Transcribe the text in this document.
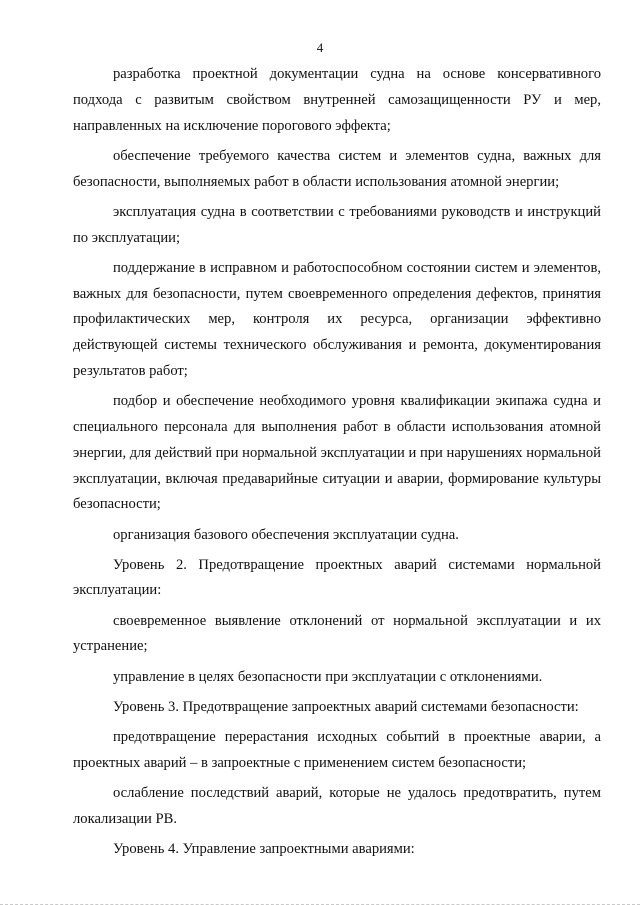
4

разработка проектной документации судна на основе консервативного подхода с развитым свойством внутренней самозащищенности РУ и мер, направленных на исключение порогового эффекта;

обеспечение требуемого качества систем и элементов судна, важных для безопасности, выполняемых работ в области использования атомной энергии;

эксплуатация судна в соответствии с требованиями руководств и инструкций по эксплуатации;

поддержание в исправном и работоспособном состоянии систем и элементов, важных для безопасности, путем своевременного определения дефектов, принятия профилактических мер, контроля их ресурса, организации эффективно действующей системы технического обслуживания и ремонта, документирования результатов работ;

подбор и обеспечение необходимого уровня квалификации экипажа судна и специального персонала для выполнения работ в области использования атомной энергии, для действий при нормальной эксплуатации и при нарушениях нормальной эксплуатации, включая предаварийные ситуации и аварии, формирование культуры безопасности;

организация базового обеспечения эксплуатации судна.

Уровень 2. Предотвращение проектных аварий системами нормальной эксплуатации:

своевременное выявление отклонений от нормальной эксплуатации и их устранение;

управление в целях безопасности при эксплуатации с отклонениями.

Уровень 3. Предотвращение запроектных аварий системами безопасности:

предотвращение перерастания исходных событий в проектные аварии, а проектных аварий – в запроектные с применением систем безопасности;

ослабление последствий аварий, которые не удалось предотвратить, путем локализации РВ.

Уровень 4. Управление запроектными авариями:
